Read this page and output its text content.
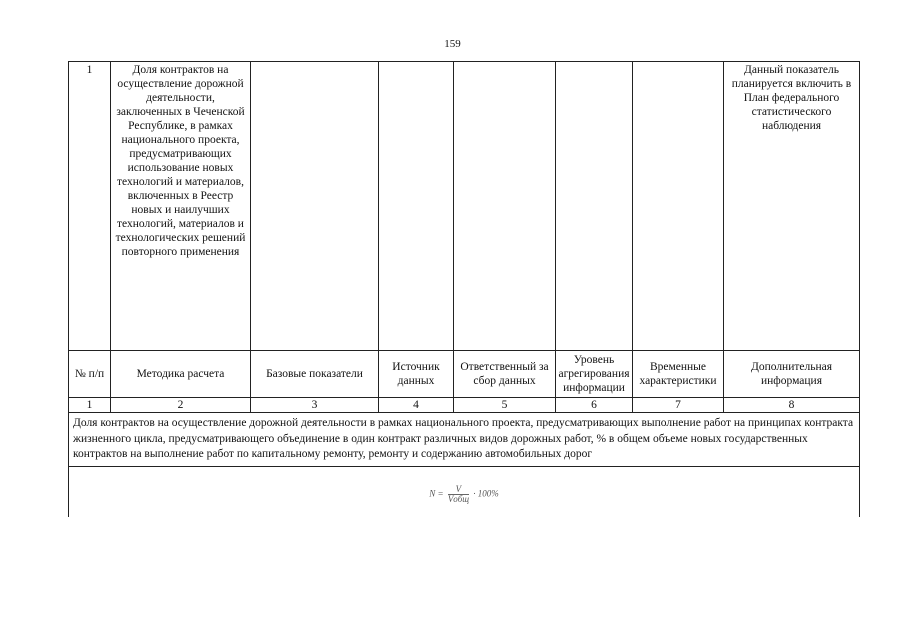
159
1	Доля контрактов на осуществление дорожной деятельности, заключенных в Чеченской Республике, в рамках национального проекта, предусматривающих использование новых технологий и материалов, включенных в Реестр новых и наилучших технологий, материалов и технологических решений повторного применения						Данный показатель планируется включить в План федерального статистического наблюдения
№ п/п	Методика расчета	Базовые показатели	Источник данных	Ответственный за сбор данных	Уровень агрегирования информации	Временные характеристики	Дополнительная информация
1	2	3	4	5	6	7	8
Доля контрактов на осуществление дорожной деятельности в рамках национального проекта, предусматривающих выполнение работ на принципах контракта жизненного цикла, предусматривающего объединение в один контракт различных видов дорожных работ, % в общем объеме новых государственных контрактов на выполнение работ по капитальному ремонту, ремонту и содержанию автомобильных дорог							
$N = \frac{V}{\text{Vобщ}} \cdot 100\%$							
